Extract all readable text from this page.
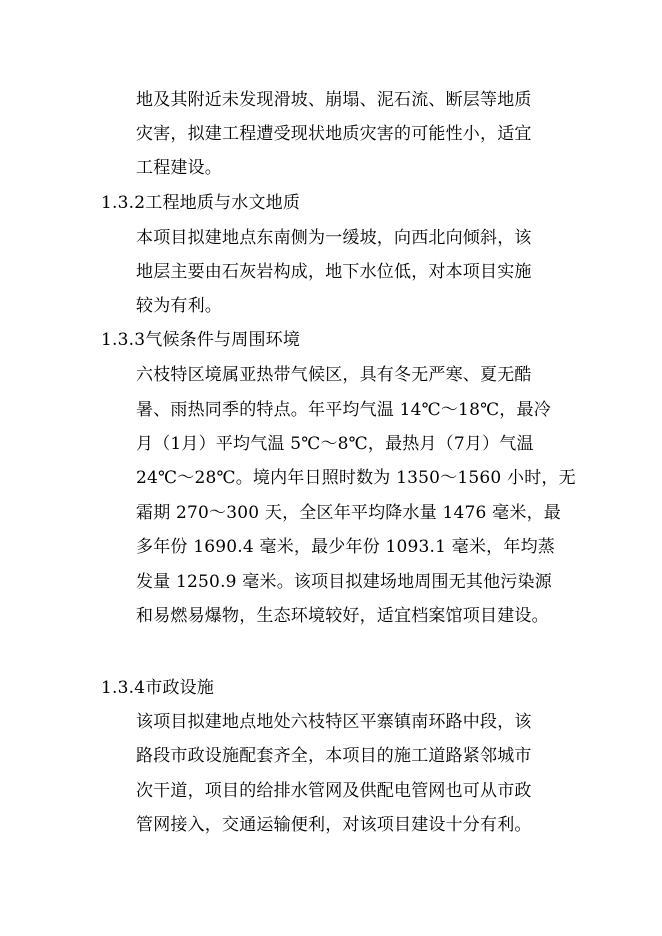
地及其附近未发现滑坡、崩塌、泥石流、断层等地质
灾害，拟建工程遭受现状地质灾害的可能性小，适宜
工程建设。
1.3.2工程地质与水文地质
本项目拟建地点东南侧为一缓坡，向西北向倾斜，该
地层主要由石灰岩构成，地下水位低，对本项目实施
较为有利。
1.3.3气候条件与周围环境
六枝特区境属亚热带气候区，具有冬无严寒、夏无酷
暑、雨热同季的特点。年平均气温 14℃～18℃，最冷
月（1月）平均气温 5℃～8℃，最热月（7月）气温
24℃～28℃。境内年日照时数为 1350～1560 小时，无
霜期 270～300 天，全区年平均降水量 1476 毫米，最
多年份 1690.4 毫米，最少年份 1093.1 毫米，年均蒸
发量 1250.9 毫米。该项目拟建场地周围无其他污染源
和易燃易爆物，生态环境较好，适宜档案馆项目建设。
1.3.4市政设施
该项目拟建地点地处六枝特区平寨镇南环路中段，该
路段市政设施配套齐全，本项目的施工道路紧邻城市
次干道，项目的给排水管网及供配电管网也可从市政
管网接入，交通运输便利，对该项目建设十分有利。
